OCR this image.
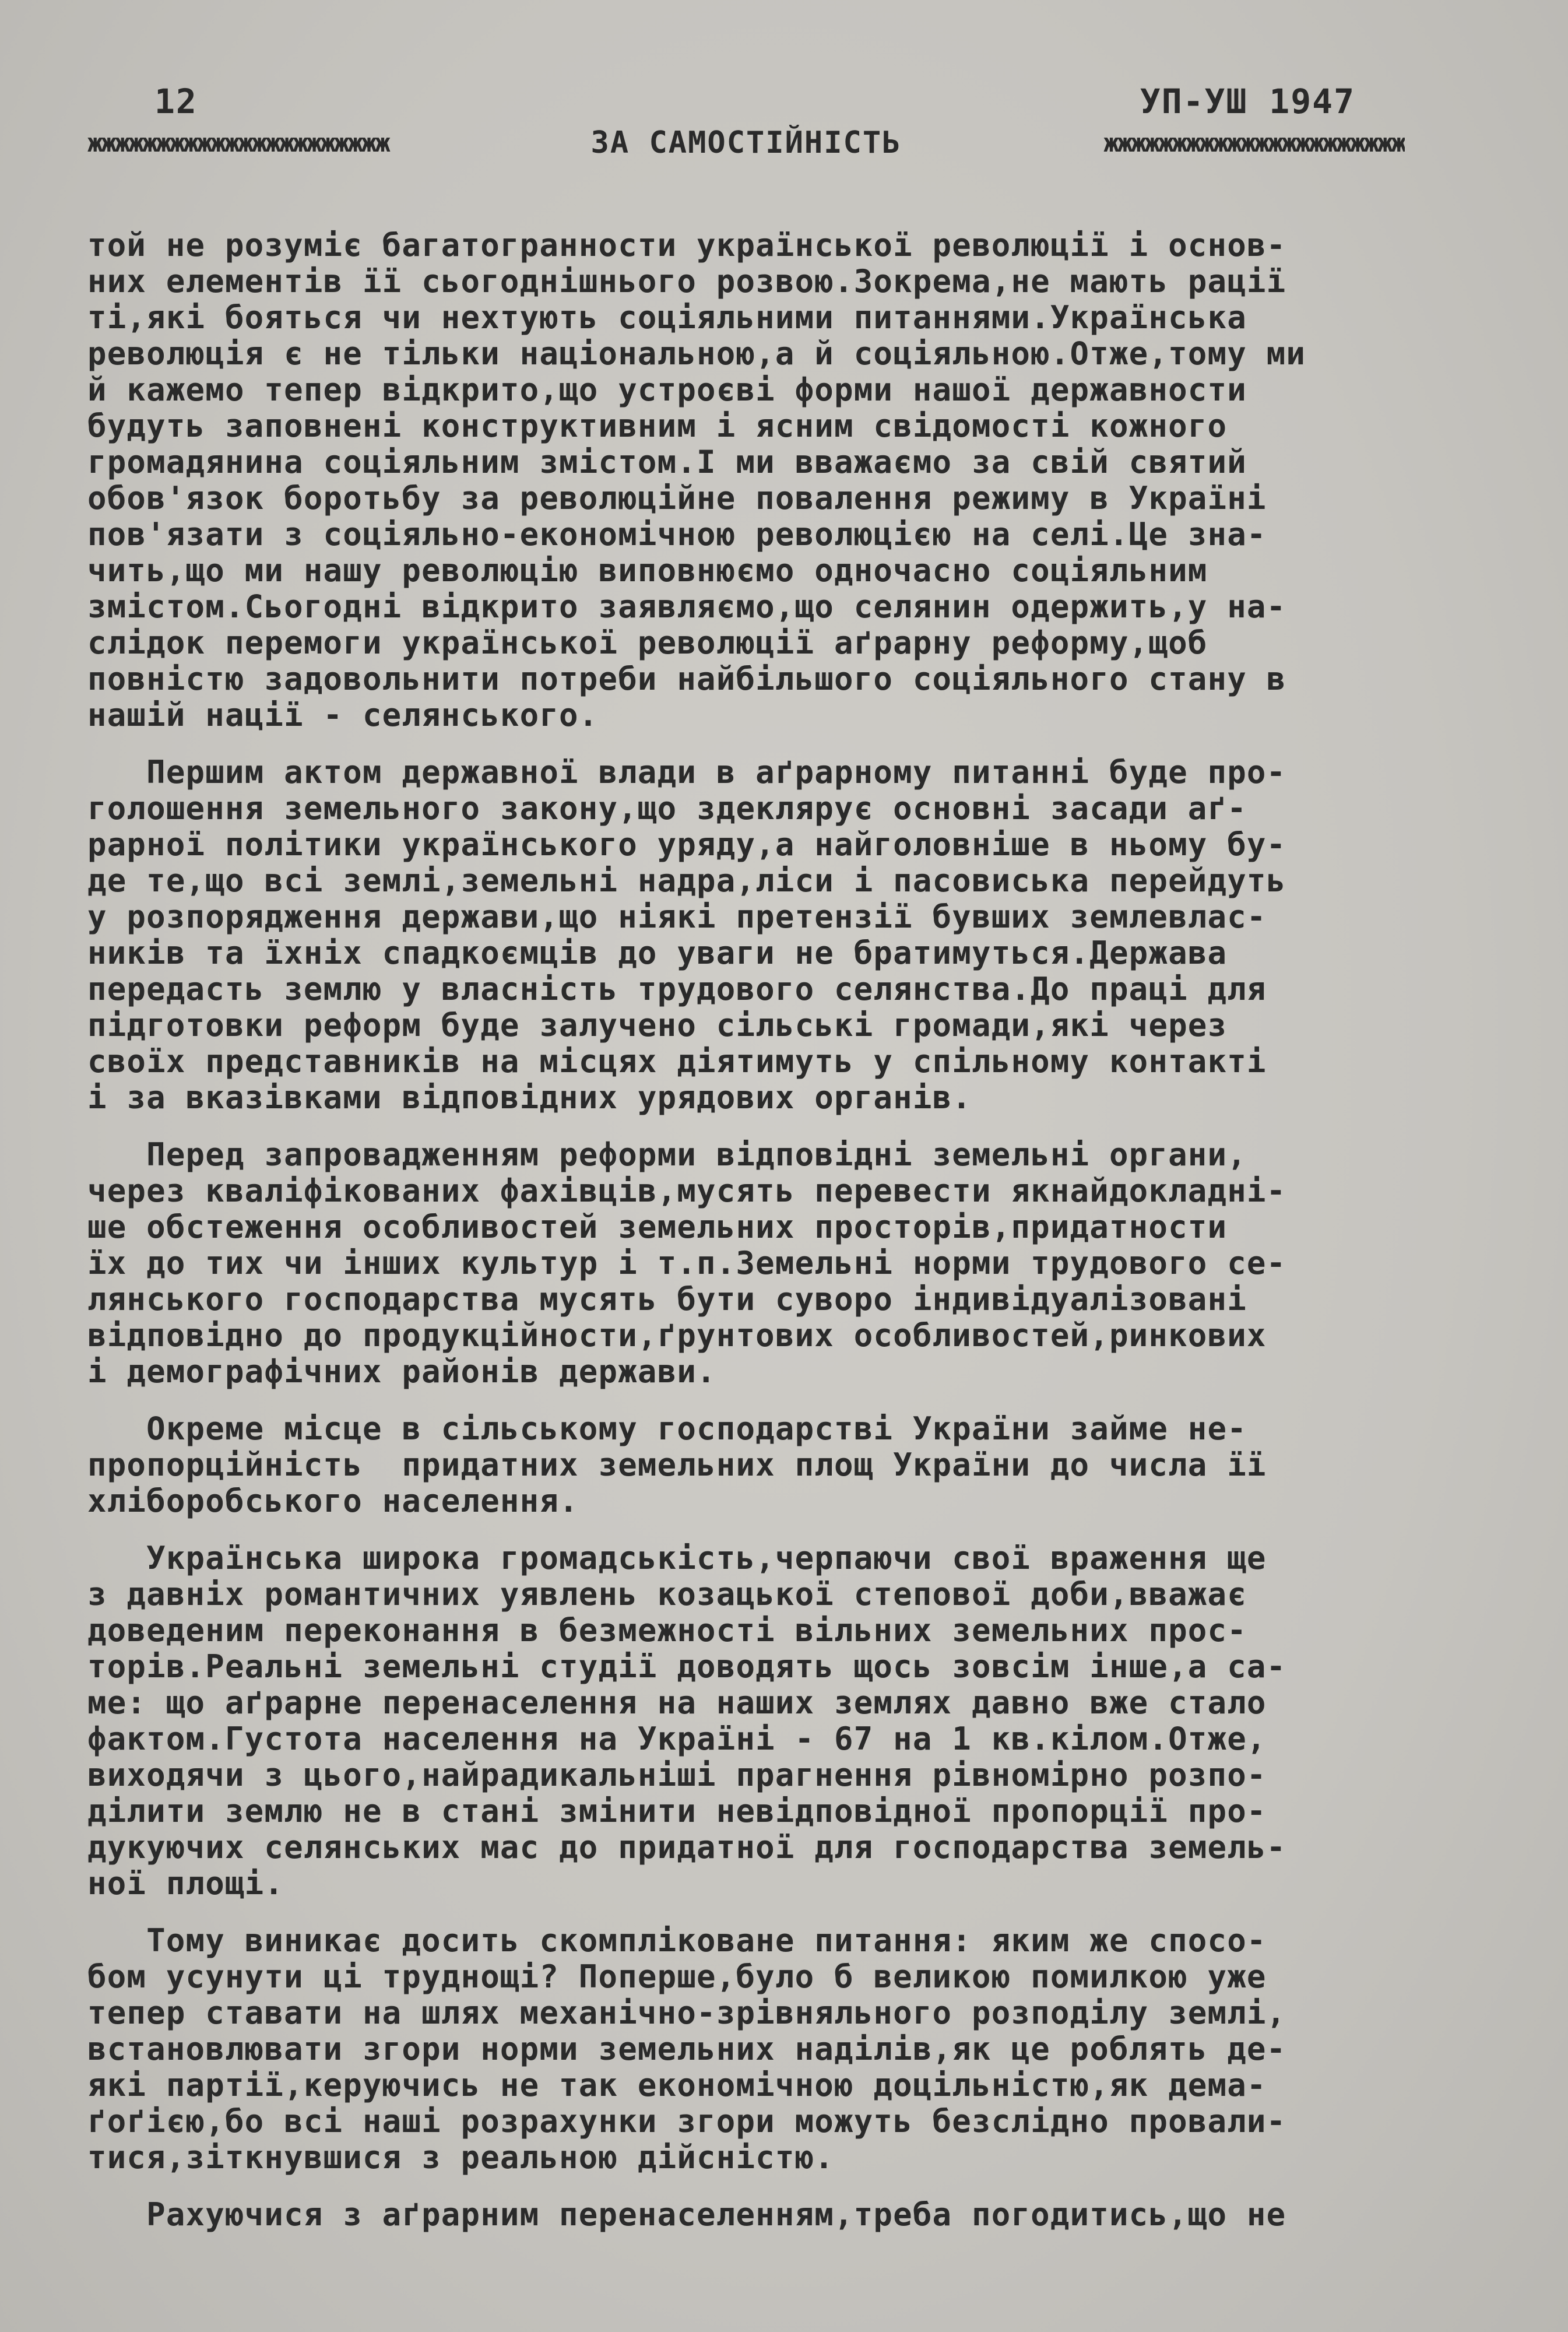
12	УП-УШ 1947
жжжжжжжжжжжжжжжжжжжжжж	ЗА САМОСТІЙНІСТЬ	жжжжжжжжжжжжжжжжжжжжжж

той не розуміє багатогранности української революції і основ-
них елементів її сьогоднішнього розвою.Зокрема,не мають рації
ті,які бояться чи нехтують соціяльними питаннями.Українська
революція є не тільки національною,а й соціяльною.Отже,тому ми
й кажемо тепер відкрито,що устроєві форми нашої державности
будуть заповнені конструктивним і ясним свідомості кожного
громадянина соціяльним змістом.І ми вважаємо за свій святий
обов'язок боротьбу за революційне повалення режиму в Україні
пов'язати з соціяльно-економічною революцією на селі.Це зна-
чить,що ми нашу революцію виповнюємо одночасно соціяльним
змістом.Сьогодні відкрито заявляємо,що селянин одержить,у на-
слідок перемоги української революції аґрарну реформу,щоб
повністю задовольнити потреби найбільшого соціяльного стану в
нашій нації - селянського.

Першим актом державної влади в аґрарному питанні буде про-
голошення земельного закону,що здеклярує основні засади аґ-
рарної політики українського уряду,а найголовніше в ньому бу-
де те,що всі землі,земельні надра,ліси і пасовиська перейдуть
у розпорядження держави,що ніякі претензії бувших землевлас-
ників та їхніх спадкоємців до уваги не братимуться.Держава
передасть землю у власність трудового селянства.До праці для
підготовки реформ буде залучено сільські громади,які через
своїх представників на місцях діятимуть у спільному контакті
і за вказівками відповідних урядових органів.

Перед запровадженням реформи відповідні земельні органи,
через кваліфікованих фахівців,мусять перевести якнайдокладні-
ше обстеження особливостей земельних просторів,придатности
їх до тих чи інших культур і т.п.Земельні норми трудового се-
лянського господарства мусять бути суворо індивідуалізовані
відповідно до продукційности,ґрунтових особливостей,ринкових
і демографічних районів держави.

Окреме місце в сільському господарстві України займе не-
пропорційність  придатних земельних площ України до числа її
хліборобського населення.

Українська широка громадськість,черпаючи свої враження ще
з давніх романтичних уявлень козацької степової доби,вважає
доведеним переконання в безмежності вільних земельних прос-
торів.Реальні земельні студії доводять щось зовсім інше,а са-
ме: що аґрарне перенаселення на наших землях давно вже стало
фактом.Густота населення на Україні - 67 на 1 кв.кілом.Отже,
виходячи з цього,найрадикальніші прагнення рівномірно розпо-
ділити землю не в стані змінити невідповідної пропорції про-
дукуючих селянських мас до придатної для господарства земель-
ної площі.

Тому виникає досить скомпліковане питання: яким же спосо-
бом усунути ці труднощі? Поперше,було б великою помилкою уже
тепер ставати на шлях механічно-зрівняльного розподілу землі,
встановлювати згори норми земельних наділів,як це роблять де-
які партії,керуючись не так економічною доцільністю,як дема-
ґоґією,бо всі наші розрахунки згори можуть безслідно провали-
тися,зіткнувшися з реальною дійсністю.

Рахуючися з аґрарним перенаселенням,треба погодитись,що не
